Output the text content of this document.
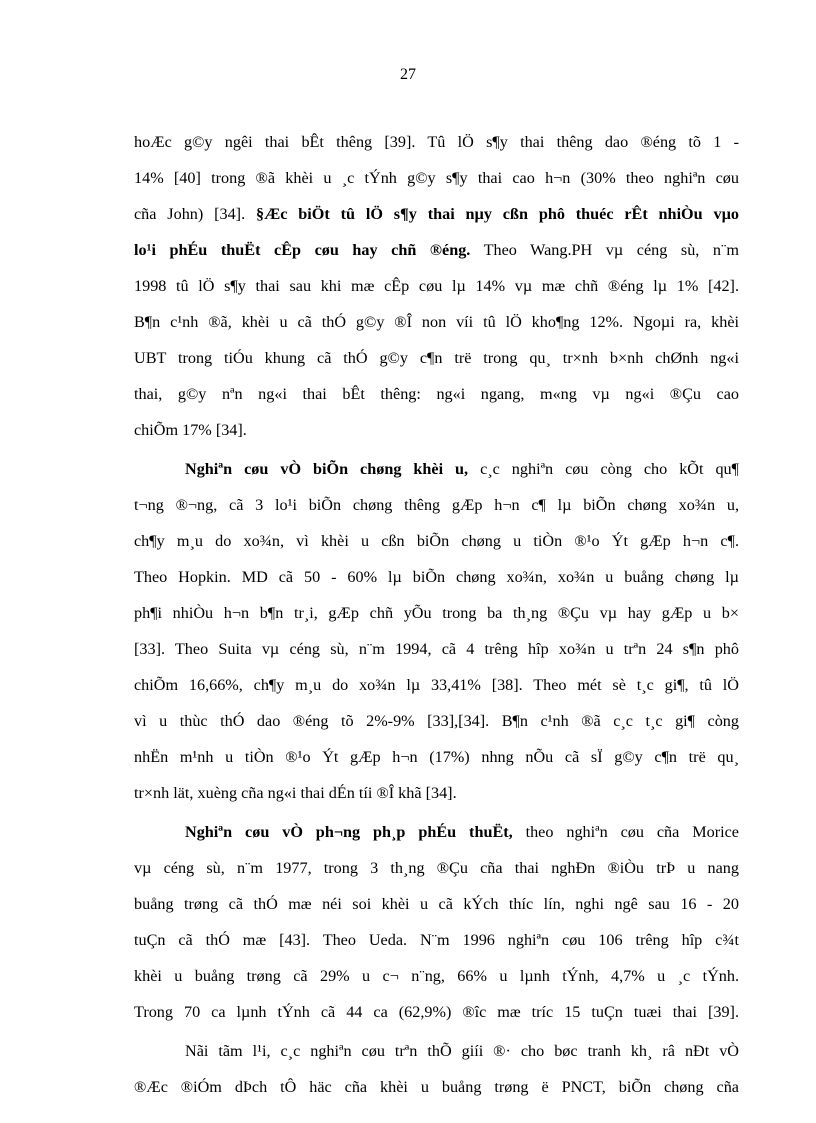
27
hoÆc g©y ngêi thai bÊt thêng [39]. Tû lÖ s¶y thai thêng dao ®éng tõ 1 -
14% [40] trong ®ã khèi u ¸c tÝnh g©y s¶y thai cao h¬n (30% theo nghiªn cøu
cña John) [34]. §Æc biÖt tû lÖ s¶y thai nµy cßn phô thuéc rÊt nhiÒu vµo
lo¹i phÉu thuËt cÊp cøu hay chñ ®éng. Theo Wang.PH vµ céng sù, n¨m
1998 tû lÖ s¶y thai sau khi mæ cÊp cøu lµ 14% vµ mæ chñ ®éng lµ 1% [42].
B¶n c¹nh ®ã, khèi u cã thÓ g©y ®Î non víi tû lÖ kho¶ng 12%. Ngoµi ra, khèi
UBT trong tiÓu khung cã thÓ g©y c¶n trë trong qu¸ tr×nh b×nh chØnh ng«i
thai, g©y nªn ng«i thai bÊt thêng: ng«i ngang, m«ng vµ ng«i ®Çu cao
chiÕm 17% [34].
Nghiªn cøu vÒ biÕn chøng khèi u, c¸c nghiªn cøu còng cho kÕt qu¶
t¬ng ®¬ng, cã 3 lo¹i biÕn chøng thêng gÆp h¬n c¶ lµ biÕn chøng xo¾n u,
ch¶y m¸u do xo¾n, vì khèi u cßn biÕn chøng u tiÒn ®¹o Ýt gÆp h¬n c¶.
Theo Hopkin. MD cã 50 - 60% lµ biÕn chøng xo¾n, xo¾n u buång chøng lµ
ph¶i nhiÒu h¬n b¶n tr¸i, gÆp chñ yÕu trong ba th¸ng ®Çu vµ hay gÆp u b×
[33]. Theo Suita vµ céng sù, n¨m 1994, cã 4 trêng hîp xo¾n u trªn 24 s¶n phô
chiÕm 16,66%, ch¶y m¸u do xo¾n lµ 33,41% [38]. Theo mét sè t¸c gi¶, tû lÖ
vì u thùc thÓ dao ®éng tõ 2%-9% [33],[34]. B¶n c¹nh ®ã c¸c t¸c gi¶ còng
nhËn m¹nh u tiÒn ®¹o Ýt gÆp h¬n (17%) nhng nÕu cã sÏ g©y c¶n trë qu¸
tr×nh lät, xuèng cña ng«i thai dÉn tíi ®Î khã [34].
Nghiªn cøu vÒ ph¬ng ph¸p phÉu thuËt, theo nghiªn cøu cña Morice
vµ céng sù, n¨m 1977, trong 3 th¸ng ®Çu cña thai nghÐn ®iÒu trÞ u nang
buång trøng cã thÓ mæ néi soi khèi u cã kÝch thíc lín, nghi ngê sau 16 - 20
tuÇn cã thÓ mæ [43]. Theo Ueda. N¨m 1996 nghiªn cøu 106 trêng hîp c¾t
khèi u buång trøng cã 29% u c¬ n¨ng, 66% u lµnh tÝnh, 4,7% u ¸c tÝnh.
Trong 70 ca lµnh tÝnh cã 44 ca (62,9%) ®îc mæ tríc 15 tuÇn tuæi thai [39].
Nãi tãm l¹i, c¸c nghiªn cøu trªn thÕ giíi ®· cho bøc tranh kh¸ râ nÐt vÒ
®Æc ®iÓm dÞch tÔ häc cña khèi u buång trøng ë PNCT, biÕn chøng cña
